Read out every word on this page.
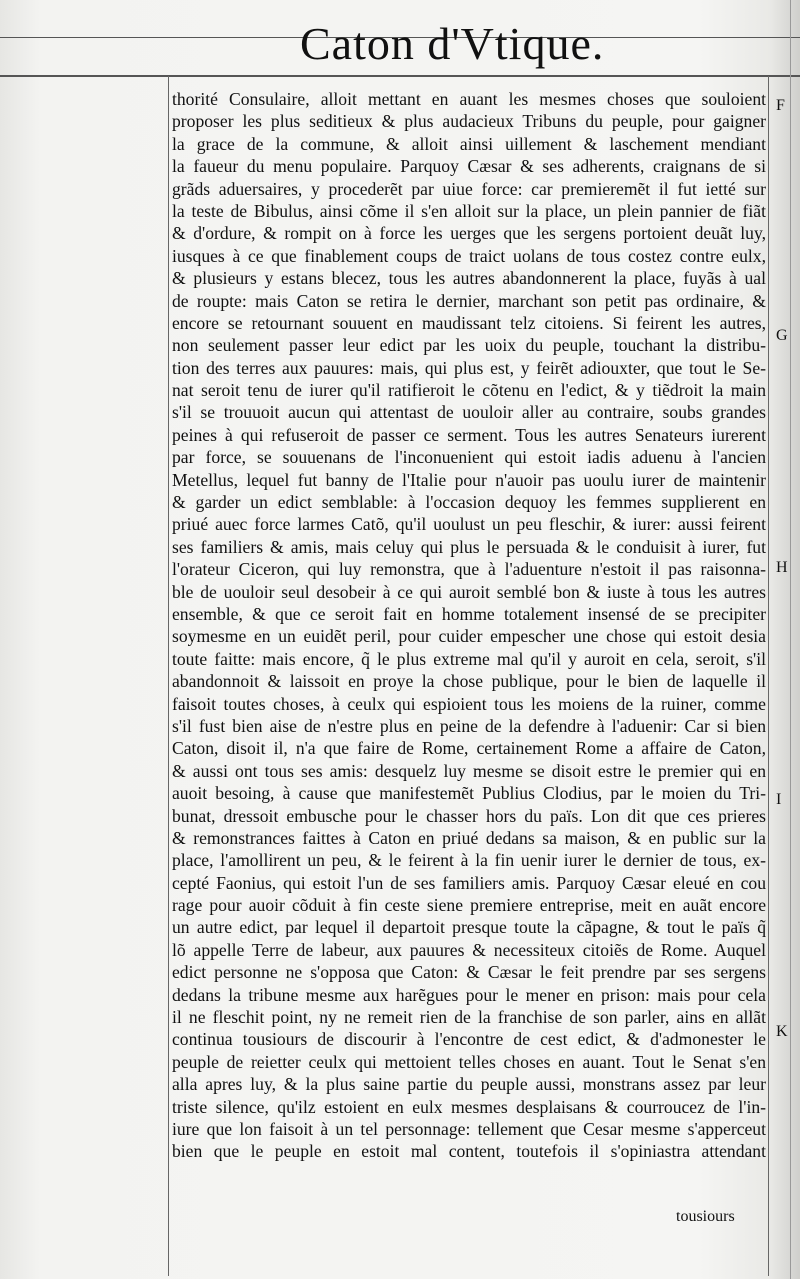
Caton d'Vtique.
thorité Consulaire, alloit mettant en auant les mesmes choses que souloient
proposer les plus seditieux & plus audacieux Tribuns du peuple, pour gaigner
la grace de la commune, & alloit ainsi uillement & laschement mendiant
la faueur du menu populaire. Parquoy Cæsar & ses adherents, craignans de si
grãds aduersaires, y procederẽt par uiue force: car premieremẽt il fut ietté sur
la teste de Bibulus, ainsi cõme il s'en alloit sur la place, un plein pannier de fiãt
& d'ordure, & rompit on à force les uerges que les sergens portoient deuãt luy,
iusques à ce que finablement coups de traict uolans de tous costez contre eulx,
& plusieurs y estans blecez, tous les autres abandonnerent la place, fuyãs à ual
de roupte: mais Caton se retira le dernier, marchant son petit pas ordinaire, &
encore se retournant souuent en maudissant telz citoiens. Si feirent les autres,
non seulement passer leur edict par les uoix du peuple, touchant la distribu-
tion des terres aux pauures: mais, qui plus est, y feirẽt adiouxter, que tout le Se-
nat seroit tenu de iurer qu'il ratifieroit le cõtenu en l'edict, & y tiẽdroit la main
s'il se trouuoit aucun qui attentast de uouloir aller au contraire, soubs grandes
peines à qui refuseroit de passer ce serment. Tous les autres Senateurs iurerent
par force, se souuenans de l'inconuenient qui estoit iadis aduenu à l'ancien
Metellus, lequel fut banny de l'Italie pour n'auoir pas uoulu iurer de maintenir
& garder un edict semblable: à l'occasion dequoy les femmes supplierent en
priué auec force larmes Catõ, qu'il uoulust un peu fleschir, & iurer: aussi feirent
ses familiers & amis, mais celuy qui plus le persuada & le conduisit à iurer, fut
l'orateur Ciceron, qui luy remonstra, que à l'aduenture n'estoit il pas raisonna-
ble de uouloir seul desobeir à ce qui auroit semblé bon & iuste à tous les autres
ensemble, & que ce seroit fait en homme totalement insensé de se precipiter
soymesme en un euidẽt peril, pour cuider empescher une chose qui estoit desia
toute faitte: mais encore, q̃ le plus extreme mal qu'il y auroit en cela, seroit, s'il
abandonnoit & laissoit en proye la chose publique, pour le bien de laquelle il
faisoit toutes choses, à ceulx qui espioient tous les moiens de la ruiner, comme
s'il fust bien aise de n'estre plus en peine de la defendre à l'aduenir: Car si bien
Caton, disoit il, n'a que faire de Rome, certainement Rome a affaire de Caton,
& aussi ont tous ses amis: desquelz luy mesme se disoit estre le premier qui en
auoit besoing, à cause que manifestemẽt Publius Clodius, par le moien du Tri-
bunat, dressoit embusche pour le chasser hors du païs. Lon dit que ces prieres
& remonstrances faittes à Caton en priué dedans sa maison, & en public sur la
place, l'amollirent un peu, & le feirent à la fin uenir iurer le dernier de tous, ex-
cepté Faonius, qui estoit l'un de ses familiers amis. Parquoy Cæsar eleué en cou
rage pour auoir cõduit à fin ceste siene premiere entreprise, meit en auãt encore
un autre edict, par lequel il departoit presque toute la cãpagne, & tout le païs q̃
lõ appelle Terre de labeur, aux pauures & necessiteux citoiẽs de Rome. Auquel
edict personne ne s'opposa que Caton: & Cæsar le feit prendre par ses sergens
dedans la tribune mesme aux harẽgues pour le mener en prison: mais pour cela
il ne fleschit point, ny ne remeit rien de la franchise de son parler, ains en allãt
continua tousiours de discourir à l'encontre de cest edict, & d'admonester le
peuple de reietter ceulx qui mettoient telles choses en auant. Tout le Senat s'en
alla apres luy, & la plus saine partie du peuple aussi, monstrans assez par leur
triste silence, qu'ilz estoient en eulx mesmes desplaisans & courroucez de l'in-
iure que lon faisoit à un tel personnage: tellement que Cesar mesme s'apperceut
bien que le peuple en estoit mal content, toutefois il s'opiniastra attendant
F
G
H
I
K
tousiours
